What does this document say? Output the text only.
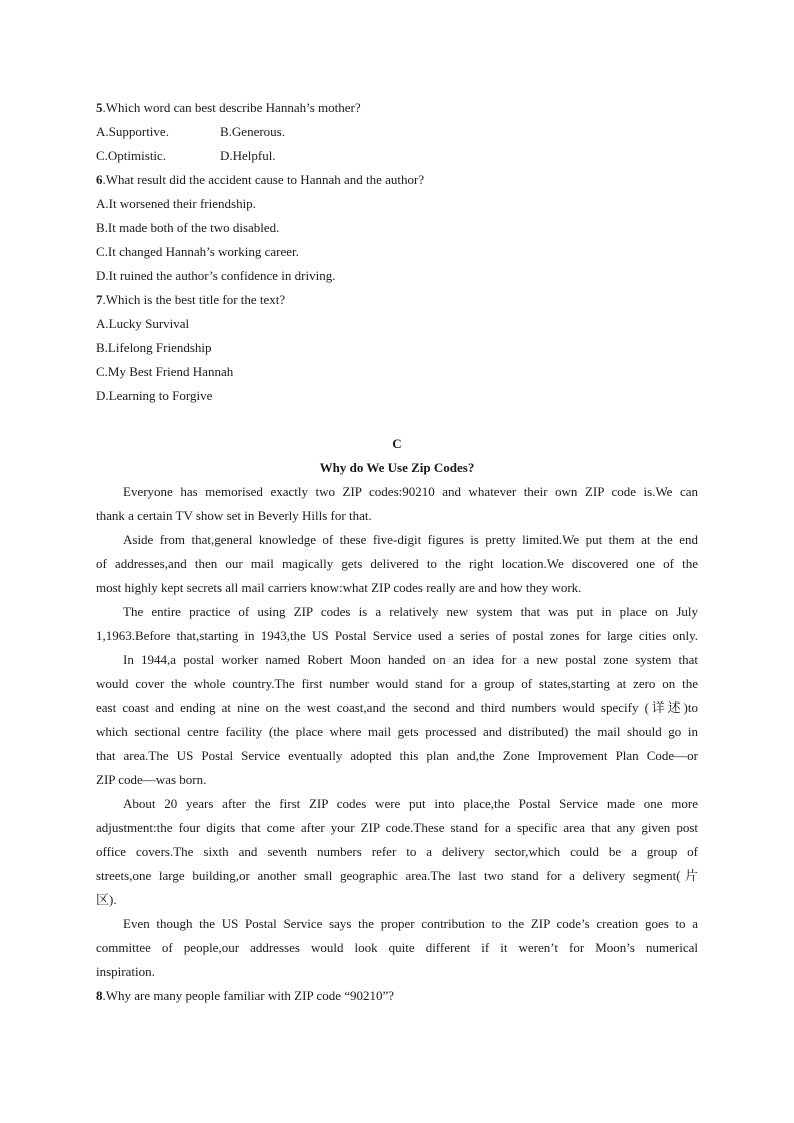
5.Which word can best describe Hannah’s mother?
A.Supportive.	B.Generous.
C.Optimistic.	D.Helpful.
6.What result did the accident cause to Hannah and the author?
A.It worsened their friendship.
B.It made both of the two disabled.
C.It changed Hannah’s working career.
D.It ruined the author’s confidence in driving.
7.Which is the best title for the text?
A.Lucky Survival
B.Lifelong Friendship
C.My Best Friend Hannah
D.Learning to Forgive
C
Why do We Use Zip Codes?
Everyone has memorised exactly two ZIP codes:90210 and whatever their own ZIP code is.We can
thank a certain TV show set in Beverly Hills for that.
Aside from that,general knowledge of these five-digit figures is pretty limited.We put them at the end
of addresses,and then our mail magically gets delivered to the right location.We discovered one of the
most highly kept secrets all mail carriers know:what ZIP codes really are and how they work.
The entire practice of using ZIP codes is a relatively new system that was put in place on July
1,1963.Before that,starting in 1943,the US Postal Service used a series of postal zones for large cities only.
In 1944,a postal worker named Robert Moon handed on an idea for a new postal zone system that
would cover the whole country.The first number would stand for a group of states,starting at zero on the
east coast and ending at nine on the west coast,and the second and third numbers would specify (详述)to
which sectional centre facility (the place where mail gets processed and distributed) the mail should go in
that area.The US Postal Service eventually adopted this plan and,the Zone Improvement Plan Code—or
ZIP code—was born.
About 20 years after the first ZIP codes were put into place,the Postal Service made one more
adjustment:the four digits that come after your ZIP code.These stand for a specific area that any given post
office covers.The sixth and seventh numbers refer to a delivery sector,which could be a group of
streets,one large building,or another small geographic area.The last two stand for a delivery segment(片
区).
Even though the US Postal Service says the proper contribution to the ZIP code’s creation goes to a
committee of people,our addresses would look quite different if it weren’t for Moon’s numerical
inspiration.
8.Why are many people familiar with ZIP code “90210”?
